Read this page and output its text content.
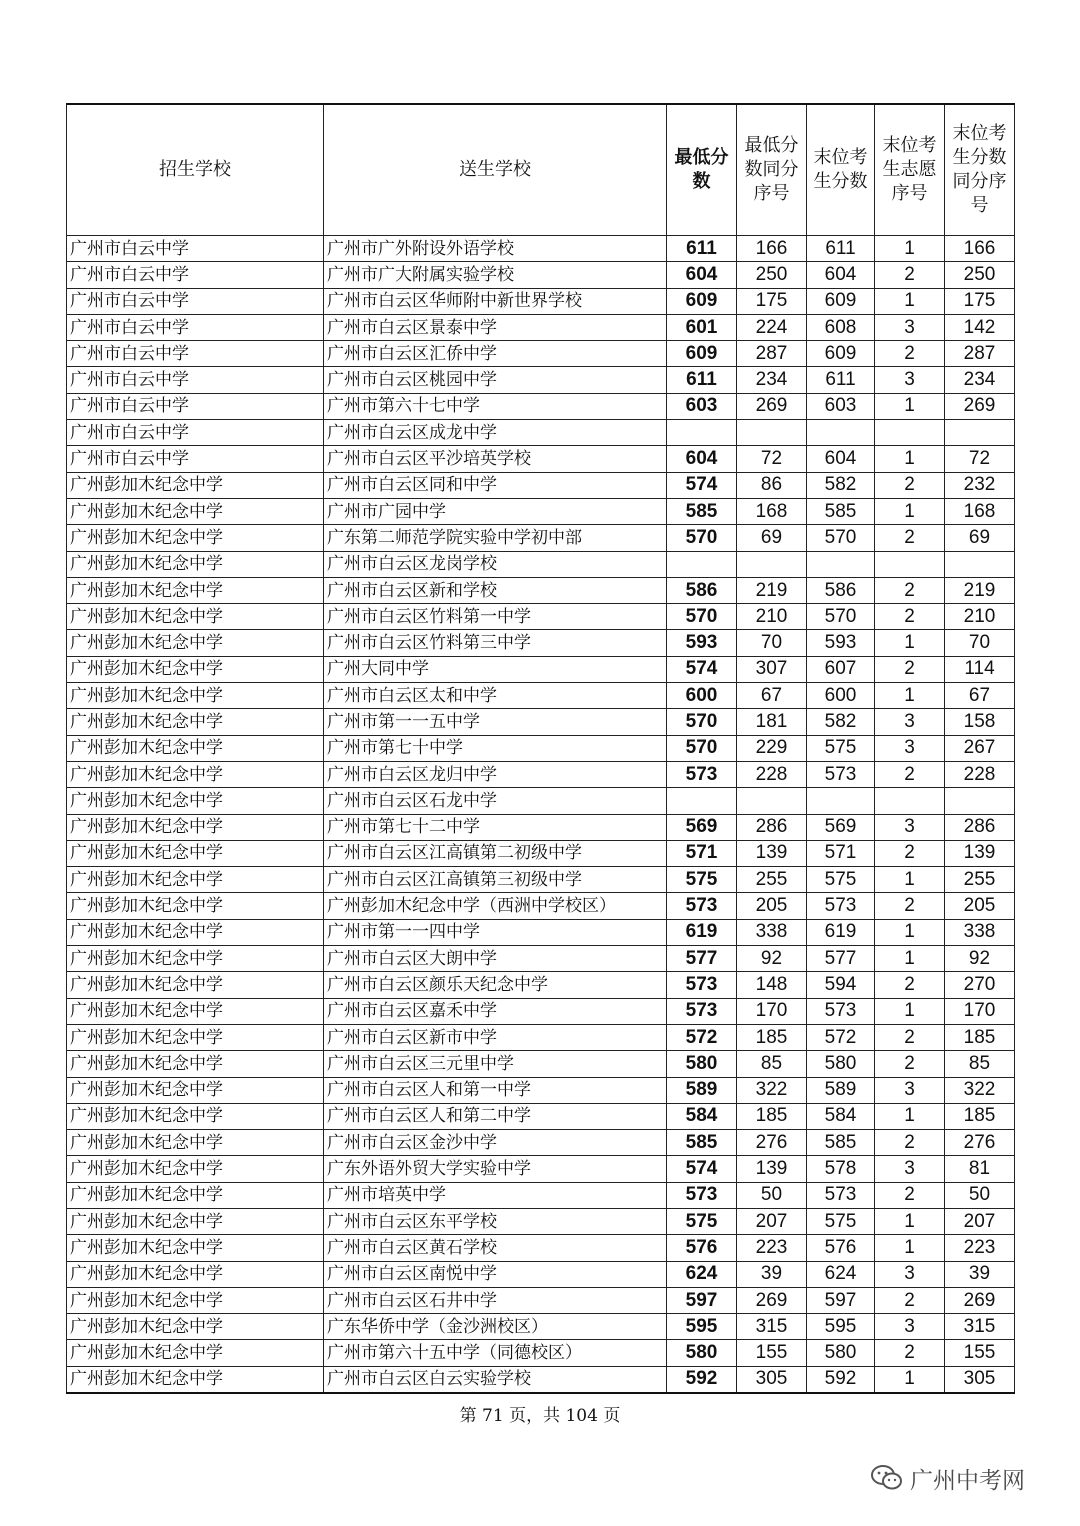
招生学校	送生学校	最低分数	最低分数同分序号	末位考生分数	末位考生志愿序号	末位考生分数同分序号
广州市白云中学	广州市广外附设外语学校	611	166	611	1	166
广州市白云中学	广州市广大附属实验学校	604	250	604	2	250
广州市白云中学	广州市白云区华师附中新世界学校	609	175	609	1	175
广州市白云中学	广州市白云区景泰中学	601	224	608	3	142
广州市白云中学	广州市白云区汇侨中学	609	287	609	2	287
广州市白云中学	广州市白云区桃园中学	611	234	611	3	234
广州市白云中学	广州市第六十七中学	603	269	603	1	269
广州市白云中学	广州市白云区成龙中学					
广州市白云中学	广州市白云区平沙培英学校	604	72	604	1	72
广州彭加木纪念中学	广州市白云区同和中学	574	86	582	2	232
广州彭加木纪念中学	广州市广园中学	585	168	585	1	168
广州彭加木纪念中学	广东第二师范学院实验中学初中部	570	69	570	2	69
广州彭加木纪念中学	广州市白云区龙岗学校					
广州彭加木纪念中学	广州市白云区新和学校	586	219	586	2	219
广州彭加木纪念中学	广州市白云区竹料第一中学	570	210	570	2	210
广州彭加木纪念中学	广州市白云区竹料第三中学	593	70	593	1	70
广州彭加木纪念中学	广州大同中学	574	307	607	2	114
广州彭加木纪念中学	广州市白云区太和中学	600	67	600	1	67
广州彭加木纪念中学	广州市第一一五中学	570	181	582	3	158
广州彭加木纪念中学	广州市第七十中学	570	229	575	3	267
广州彭加木纪念中学	广州市白云区龙归中学	573	228	573	2	228
广州彭加木纪念中学	广州市白云区石龙中学					
广州彭加木纪念中学	广州市第七十二中学	569	286	569	3	286
广州彭加木纪念中学	广州市白云区江高镇第二初级中学	571	139	571	2	139
广州彭加木纪念中学	广州市白云区江高镇第三初级中学	575	255	575	1	255
广州彭加木纪念中学	广州彭加木纪念中学（西洲中学校区）	573	205	573	2	205
广州彭加木纪念中学	广州市第一一四中学	619	338	619	1	338
广州彭加木纪念中学	广州市白云区大朗中学	577	92	577	1	92
广州彭加木纪念中学	广州市白云区颜乐天纪念中学	573	148	594	2	270
广州彭加木纪念中学	广州市白云区嘉禾中学	573	170	573	1	170
广州彭加木纪念中学	广州市白云区新市中学	572	185	572	2	185
广州彭加木纪念中学	广州市白云区三元里中学	580	85	580	2	85
广州彭加木纪念中学	广州市白云区人和第一中学	589	322	589	3	322
广州彭加木纪念中学	广州市白云区人和第二中学	584	185	584	1	185
广州彭加木纪念中学	广州市白云区金沙中学	585	276	585	2	276
广州彭加木纪念中学	广东外语外贸大学实验中学	574	139	578	3	81
广州彭加木纪念中学	广州市培英中学	573	50	573	2	50
广州彭加木纪念中学	广州市白云区东平学校	575	207	575	1	207
广州彭加木纪念中学	广州市白云区黄石学校	576	223	576	1	223
广州彭加木纪念中学	广州市白云区南悦中学	624	39	624	3	39
广州彭加木纪念中学	广州市白云区石井中学	597	269	597	2	269
广州彭加木纪念中学	广东华侨中学（金沙洲校区）	595	315	595	3	315
广州彭加木纪念中学	广州市第六十五中学（同德校区）	580	155	580	2	155
广州彭加木纪念中学	广州市白云区白云实验学校	592	305	592	1	305
第 71 页，共 104 页
广州中考网
